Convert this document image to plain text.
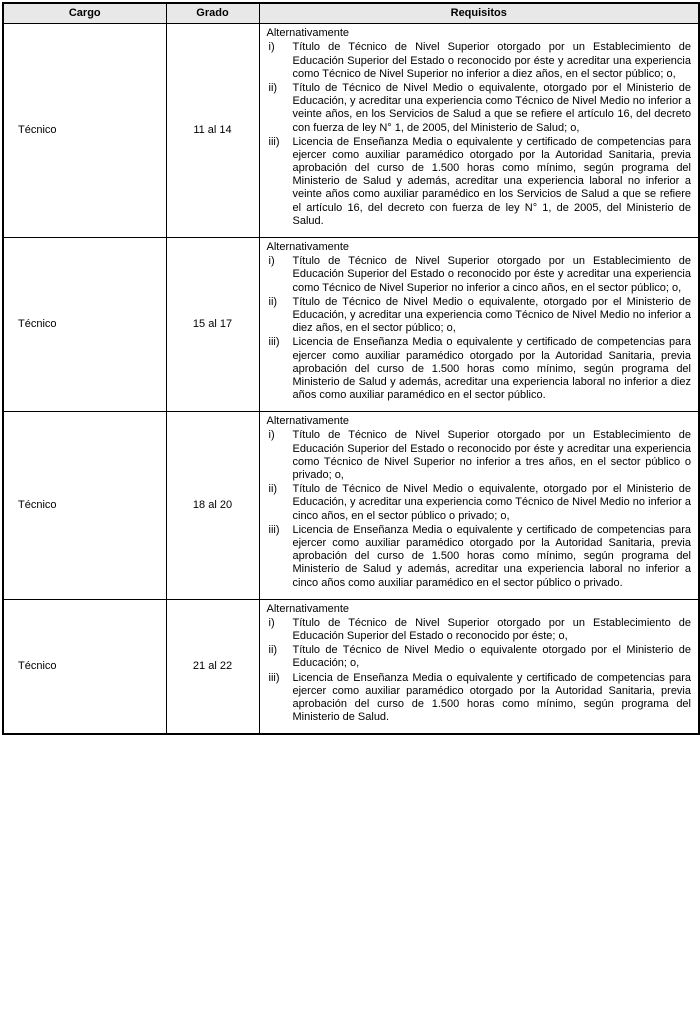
Cargo	Grado	Requisitos
Técnico	11 al 14	
Alternativamente
i)	Título de Técnico de Nivel Superior otorgado por un Establecimiento de Educación Superior del Estado o reconocido por éste y acreditar una experiencia como Técnico de Nivel Superior no inferior a diez años, en el sector público; o,
ii)	Título de Técnico de Nivel Medio o equivalente, otorgado por el Ministerio de Educación, y acreditar una experiencia como Técnico de Nivel Medio no inferior a veinte años, en los Servicios de Salud a que se refiere el artículo 16, del decreto con fuerza de ley N° 1, de 2005, del Ministerio de Salud; o,
iii)	Licencia de Enseñanza Media o equivalente y certificado de competencias para ejercer como auxiliar paramédico otorgado por la Autoridad Sanitaria, previa aprobación del curso de 1.500 horas como mínimo, según programa del Ministerio de Salud y además, acreditar una experiencia laboral no inferior a veinte años como auxiliar paramédico en los Servicios de Salud a que se refiere el artículo 16, del decreto con fuerza de ley N° 1, de 2005, del Ministerio de Salud.

Técnico	15 al 17	
Alternativamente
i)	Título de Técnico de Nivel Superior otorgado por un Establecimiento de Educación Superior del Estado o reconocido por éste y acreditar una experiencia como Técnico de Nivel Superior no inferior a cinco años, en el sector público; o,
ii)	Título de Técnico de Nivel Medio o equivalente, otorgado por el Ministerio de Educación, y acreditar una experiencia como Técnico de Nivel Medio no inferior a diez años, en el sector público; o,
iii)	Licencia de Enseñanza Media o equivalente y certificado de competencias para ejercer como auxiliar paramédico otorgado por la Autoridad Sanitaria, previa aprobación del curso de 1.500 horas como mínimo, según programa del Ministerio de Salud y además, acreditar una experiencia laboral no inferior a diez años como auxiliar paramédico en el sector público.

Técnico	18 al 20	
Alternativamente
i)	Título de Técnico de Nivel Superior otorgado por un Establecimiento de Educación Superior del Estado o reconocido por éste y acreditar una experiencia como Técnico de Nivel Superior no inferior a tres años, en el sector público o privado; o,
ii)	Título de Técnico de Nivel Medio o equivalente, otorgado por el Ministerio de Educación, y acreditar una experiencia como Técnico de Nivel Medio no inferior a cinco años, en el sector público o privado; o,
iii)	Licencia de Enseñanza Media o equivalente y certificado de competencias para ejercer como auxiliar paramédico otorgado por la Autoridad Sanitaria, previa aprobación del curso de 1.500 horas como mínimo, según programa del Ministerio de Salud y además, acreditar una experiencia laboral no inferior a cinco años como auxiliar paramédico en el sector público o privado.

Técnico	21 al 22	
Alternativamente
i)	Título de Técnico de Nivel Superior otorgado por un Establecimiento de Educación Superior del Estado o reconocido por éste; o,
ii)	Título de Técnico de Nivel Medio o equivalente otorgado por el Ministerio de Educación; o,
iii)	Licencia de Enseñanza Media o equivalente y certificado de competencias para ejercer como auxiliar paramédico otorgado por la Autoridad Sanitaria, previa aprobación del curso de 1.500 horas como mínimo, según programa del Ministerio de Salud.
